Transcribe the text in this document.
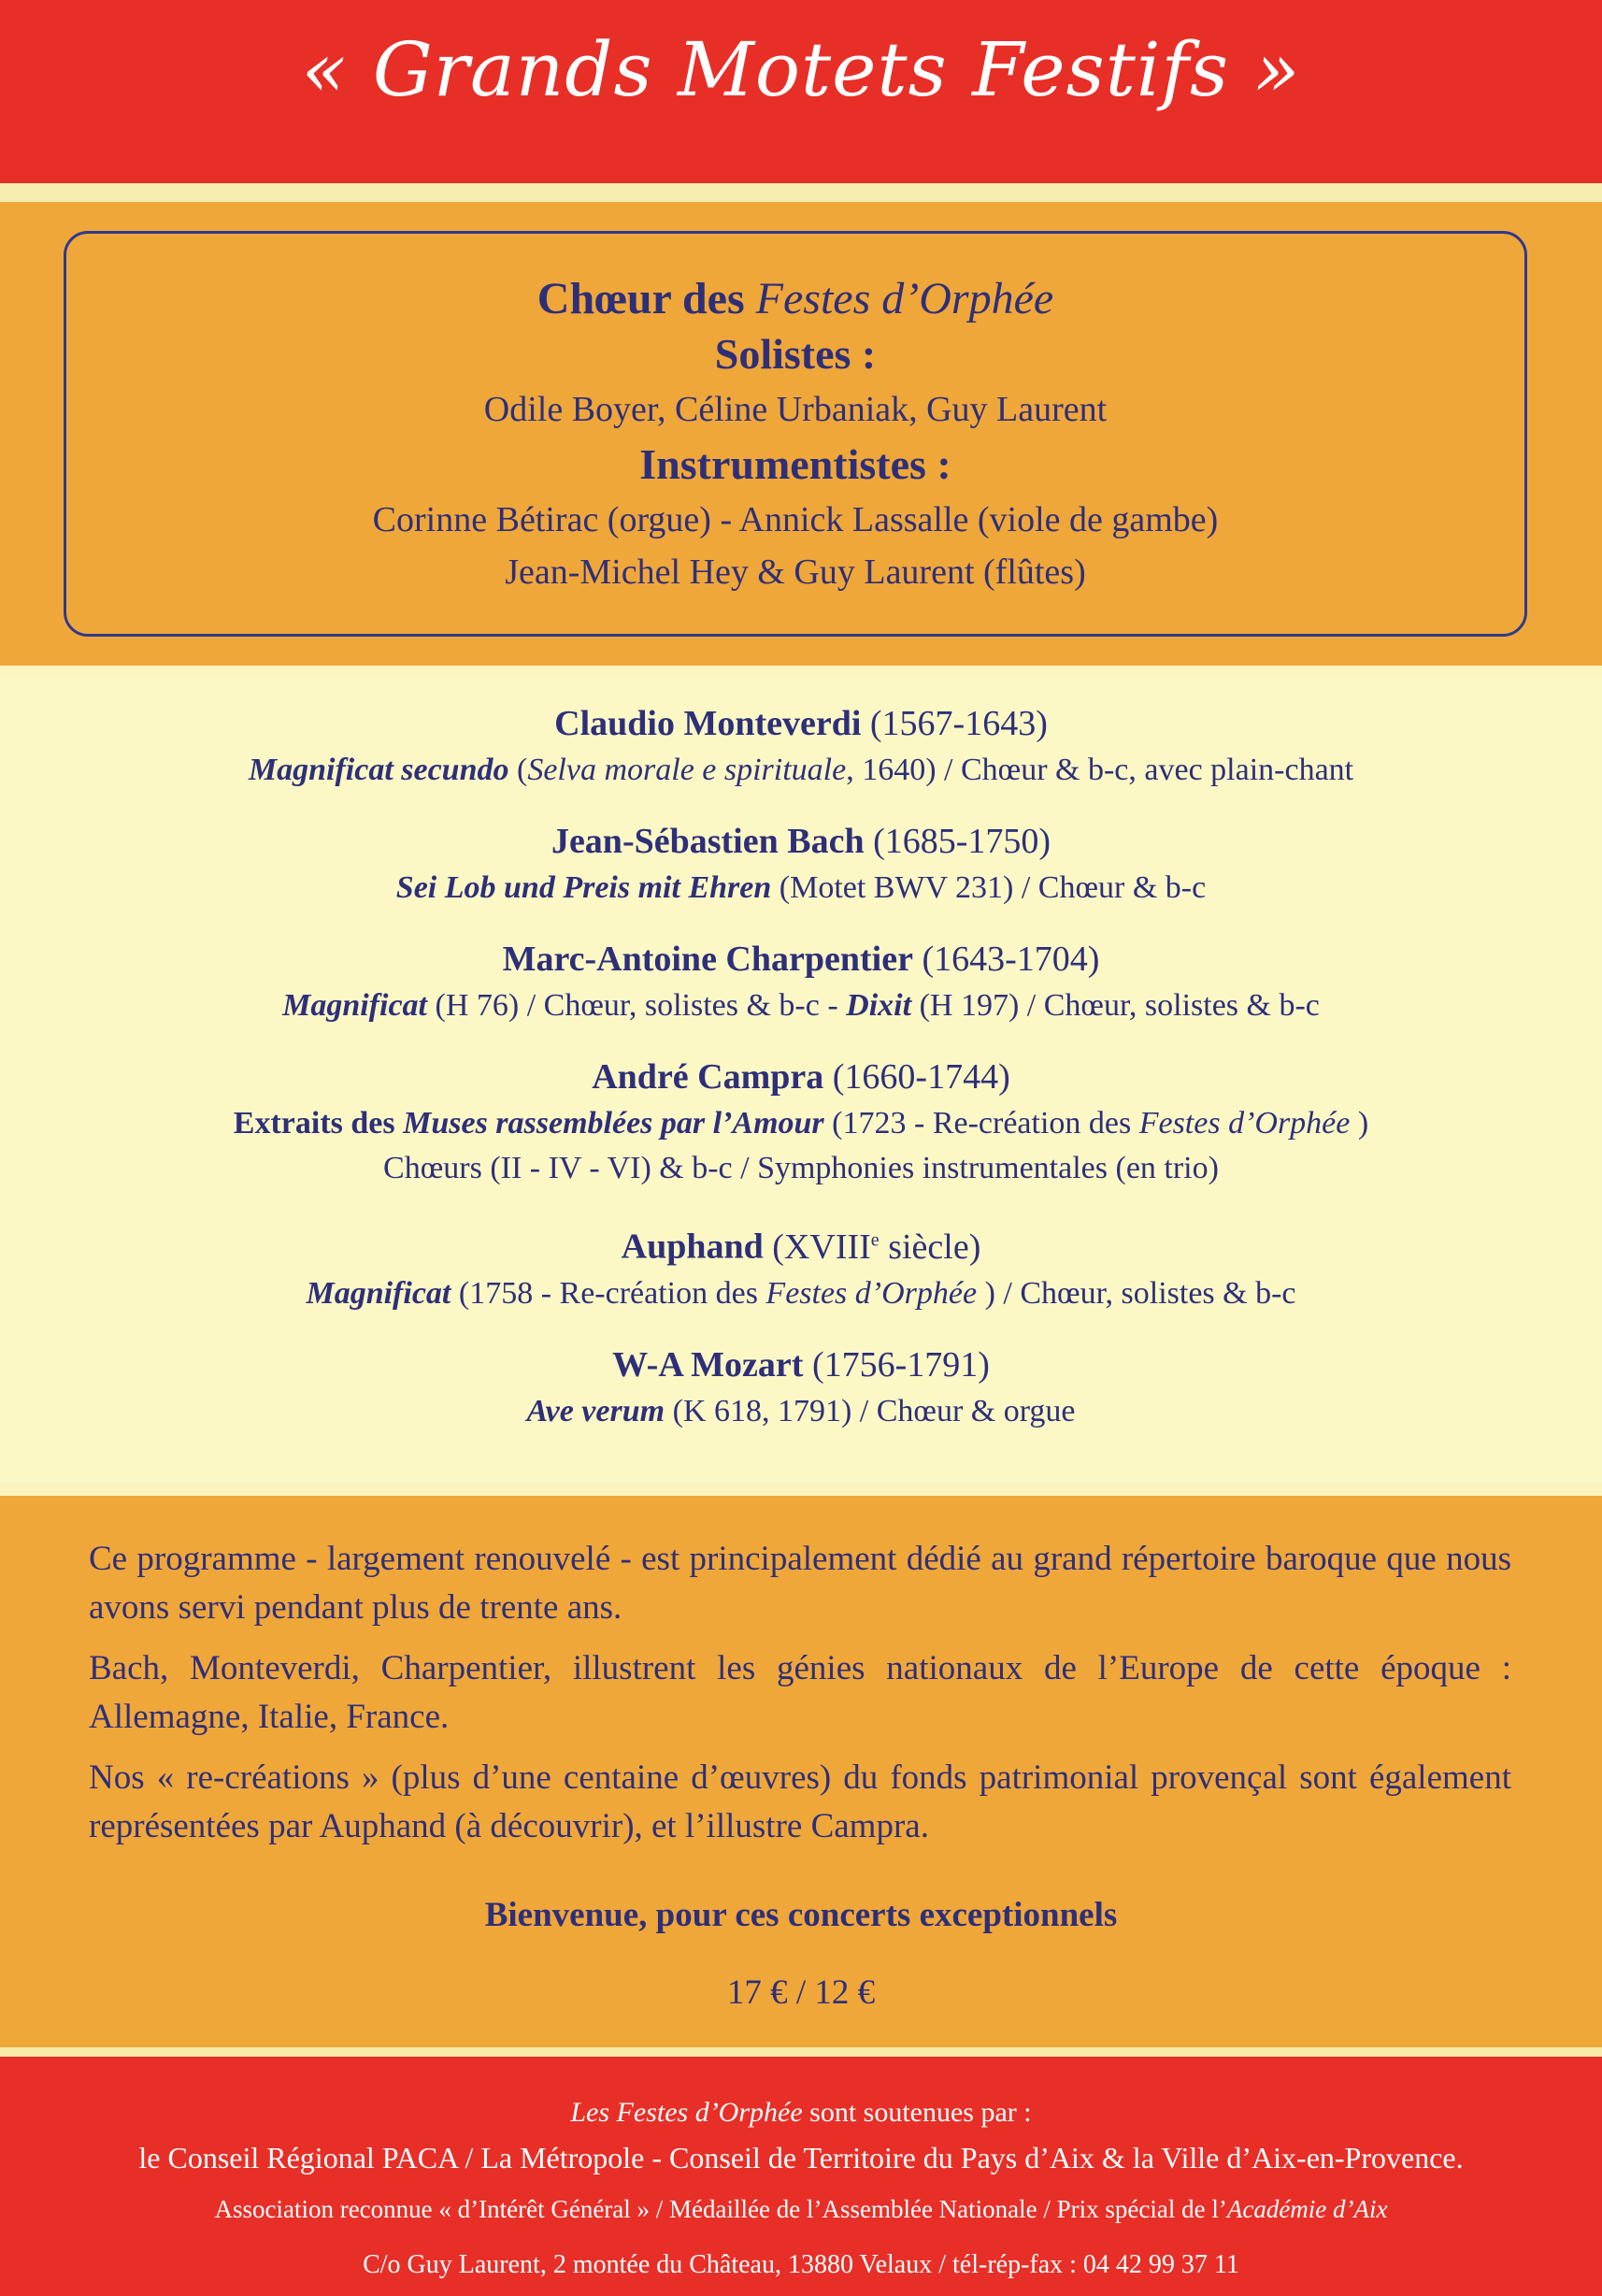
« Grands Motets Festifs »
Chœur des Festes d’Orphée
Solistes :
Odile Boyer, Céline Urbaniak, Guy Laurent
Instrumentistes :
Corinne Bétirac (orgue) - Annick Lassalle (viole de gambe)
Jean-Michel Hey & Guy Laurent (flûtes)
Claudio Monteverdi (1567-1643)
Magnificat secundo (Selva morale e spirituale, 1640) / Chœur & b-c, avec plain-chant
Jean-Sébastien Bach (1685-1750)
Sei Lob und Preis mit Ehren (Motet BWV 231) / Chœur & b-c
Marc-Antoine Charpentier (1643-1704)
Magnificat (H 76) / Chœur, solistes & b-c - Dixit (H 197) / Chœur, solistes & b-c
André Campra (1660-1744)
Extraits des Muses rassemblées par l’Amour (1723 - Re-création des Festes d’Orphée )
Chœurs (II - IV - VI) & b-c / Symphonies instrumentales (en trio)
Auphand (XVIIIe siècle)
Magnificat (1758 - Re-création des Festes d’Orphée ) / Chœur, solistes & b-c
W-A Mozart (1756-1791)
Ave verum (K 618, 1791) / Chœur & orgue

Ce programme - largement renouvelé - est principalement dédié au grand répertoire baroque que nous avons servi pendant plus de trente ans.

Bach, Monteverdi, Charpentier, illustrent les génies nationaux de l’Europe de cette époque : Allemagne, Italie, France.

Nos « re-créations » (plus d’une centaine d’œuvres) du fonds patrimonial provençal sont également représentées par Auphand (à découvrir), et l’illustre Campra.

Bienvenue, pour ces concerts exceptionnels
17 € / 12 €
Les Festes d’Orphée sont soutenues par :
le Conseil Régional PACA / La Métropole - Conseil de Territoire du Pays d’Aix & la Ville d’Aix-en-Provence.
Association reconnue « d’Intérêt Général » / Médaillée de l’Assemblée Nationale / Prix spécial de l’Académie d’Aix
C/o Guy Laurent, 2 montée du Château, 13880 Velaux / tél-rép-fax : 04 42 99 37 11
